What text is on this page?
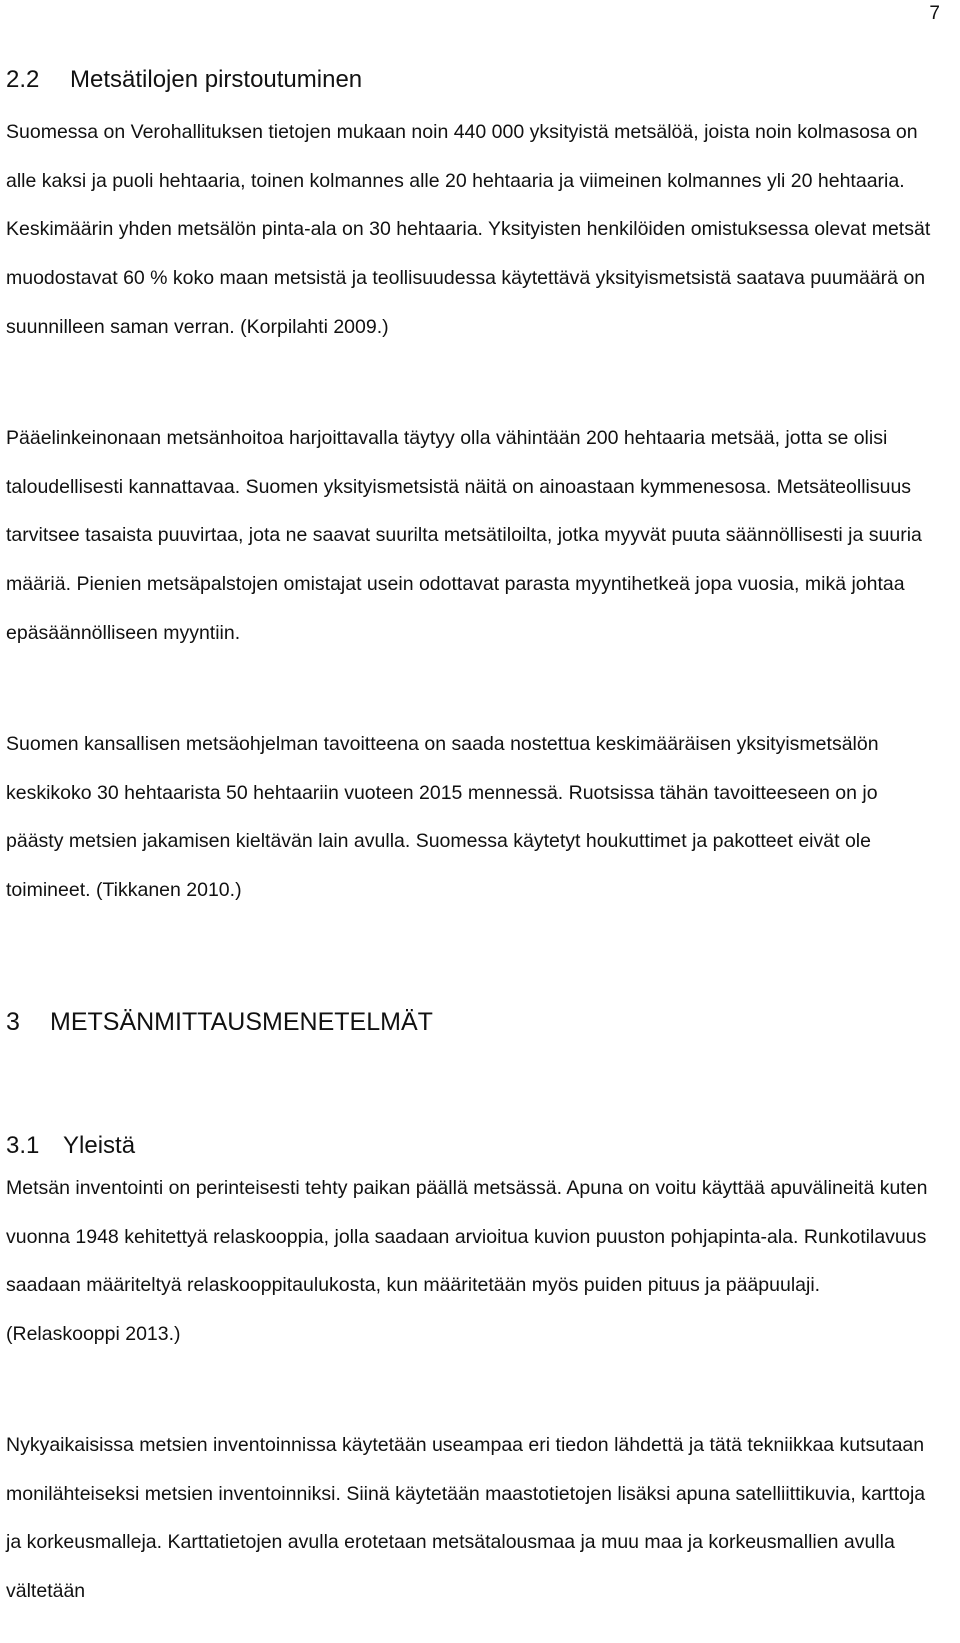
7
2.2 Metsätilojen pirstoutuminen

Suomessa on Verohallituksen tietojen mukaan noin 440 000 yksityistä metsälöä, joista noin kolmasosa on alle kaksi ja puoli hehtaaria, toinen kolmannes alle 20 hehtaaria ja viimeinen kolmannes yli 20 hehtaaria. Keskimäärin yhden metsälön pinta-ala on 30 hehtaaria. Yksityisten henkilöiden omistuksessa olevat metsät muodostavat 60 % koko maan metsistä ja teollisuudessa käytettävä yksityismetsistä saatava puumäärä on suunnilleen saman verran. (Korpilahti 2009.)

Pääelinkeinonaan metsänhoitoa harjoittavalla täytyy olla vähintään 200 hehtaaria metsää, jotta se olisi taloudellisesti kannattavaa. Suomen yksityismetsistä näitä on ainoastaan kymmenesosa. Metsäteollisuus tarvitsee tasaista puuvirtaa, jota ne saavat suurilta metsätiloilta, jotka myyvät puuta säännöllisesti ja suuria määriä. Pienien metsäpalstojen omistajat usein odottavat parasta myyntihetkeä jopa vuosia, mikä johtaa epäsäännölliseen myyntiin.

Suomen kansallisen metsäohjelman tavoitteena on saada nostettua keskimääräisen yksityismetsälön keskikoko 30 hehtaarista 50 hehtaariin vuoteen 2015 mennessä. Ruotsissa tähän tavoitteeseen on jo päästy metsien jakamisen kieltävän lain avulla. Suomessa käytetyt houkuttimet ja pakotteet eivät ole toimineet. (Tikkanen 2010.)

3 METSÄNMITTAUSMENETELMÄT
3.1 Yleistä

Metsän inventointi on perinteisesti tehty paikan päällä metsässä. Apuna on voitu käyttää apuvälineitä kuten vuonna 1948 kehitettyä relaskooppia, jolla saadaan arvioitua kuvion puuston pohjapinta-ala. Runkotilavuus saadaan määriteltyä relaskooppitaulukosta, kun määritetään myös puiden pituus ja pääpuulaji. (Relaskooppi 2013.)

Nykyaikaisissa metsien inventoinnissa käytetään useampaa eri tiedon lähdettä ja tätä tekniikkaa kutsutaan monilähteiseksi metsien inventoinniksi. Siinä käytetään maastotietojen lisäksi apuna satelliittikuvia, karttoja ja korkeusmalleja. Karttatietojen avulla erotetaan metsätalousmaa ja muu maa ja korkeusmallien avulla vältetään
